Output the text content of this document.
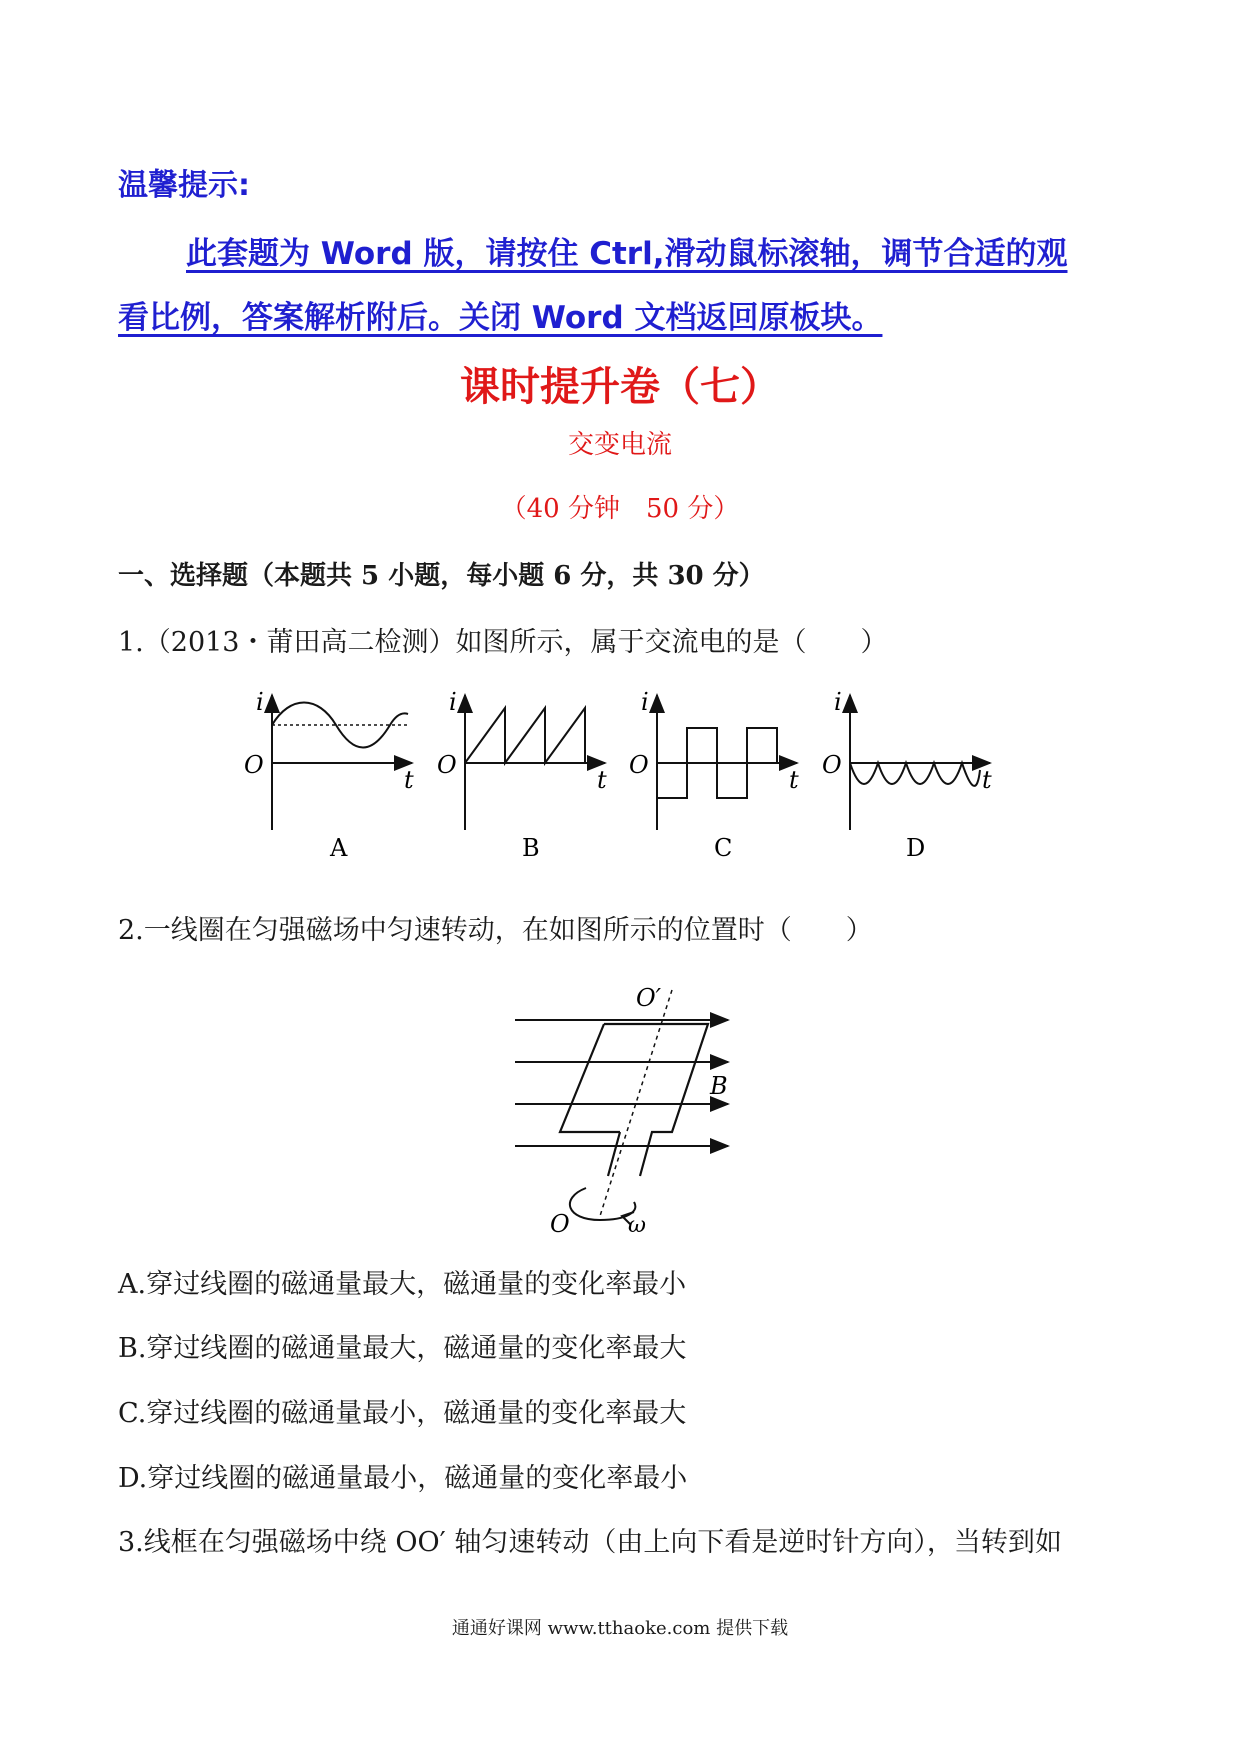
温馨提示:
此套题为 Word 版，请按住 Ctrl,滑动鼠标滚轴，调节合适的观
看比例，答案解析附后。关闭 Word 文档返回原板块。
课时提升卷（七）
交变电流
（40 分钟　50 分）
一、选择题（本题共 5 小题，每小题 6 分，共 30 分）
1.（2013・莆田高二检测）如图所示，属于交流电的是（　　）
i
O
t
A
i
O
t
B
i
O
t
C
i
O
t
D
2.一线圈在匀强磁场中匀速转动，在如图所示的位置时（　　）
O′
B
O	ω
A.穿过线圈的磁通量最大，磁通量的变化率最小
B.穿过线圈的磁通量最大，磁通量的变化率最大
C.穿过线圈的磁通量最小，磁通量的变化率最大
D.穿过线圈的磁通量最小，磁通量的变化率最小
3.线框在匀强磁场中绕 OO′ 轴匀速转动（由上向下看是逆时针方向），当转到如
通通好课网 www.tthaoke.com 提供下载
